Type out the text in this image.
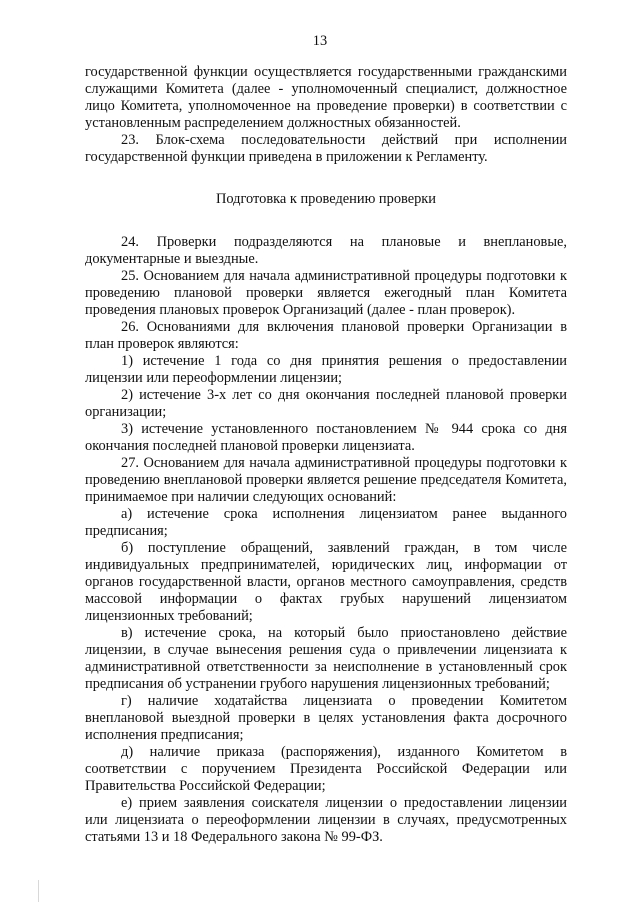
13

государственной функции осуществляется государственными гражданскими служащими Комитета (далее - уполномоченный специалист, должностное лицо Комитета, уполномоченное на проведение проверки) в соответствии с установленным распределением должностных обязанностей.

23. Блок-схема последовательности действий при исполнении государственной функции приведена в приложении к Регламенту.

Подготовка к проведению проверки

24. Проверки подразделяются на плановые и внеплановые, документарные и выездные.

25. Основанием для начала административной процедуры подготовки к проведению плановой проверки является ежегодный план Комитета проведения плановых проверок Организаций (далее - план проверок).

26. Основаниями для включения плановой проверки Организации в план проверок являются:

1) истечение 1 года со дня принятия решения о предоставлении лицензии или переоформлении лицензии;

2) истечение 3-х лет со дня окончания последней плановой проверки организации;

3) истечение установленного постановлением № 944 срока со дня окончания последней плановой проверки лицензиата.

27. Основанием для начала административной процедуры подготовки к проведению внеплановой проверки является решение председателя Комитета, принимаемое при наличии следующих оснований:

а) истечение срока исполнения лицензиатом ранее выданного предписания;

б) поступление обращений, заявлений граждан, в том числе индивидуальных предпринимателей, юридических лиц, информации от органов государственной власти, органов местного самоуправления, средств массовой информации о фактах грубых нарушений лицензиатом лицензионных требований;

в) истечение срока, на который было приостановлено действие лицензии, в случае вынесения решения суда о привлечении лицензиата к административной ответственности за неисполнение в установленный срок предписания об устранении грубого нарушения лицензионных требований;

г) наличие ходатайства лицензиата о проведении Комитетом внеплановой выездной проверки в целях установления факта досрочного исполнения предписания;

д) наличие приказа (распоряжения), изданного Комитетом в соответствии с поручением Президента Российской Федерации или Правительства Российской Федерации;

е) прием заявления соискателя лицензии о предоставлении лицензии или лицензиата о переоформлении лицензии в случаях, предусмотренных статьями 13 и 18 Федерального закона № 99-ФЗ.
